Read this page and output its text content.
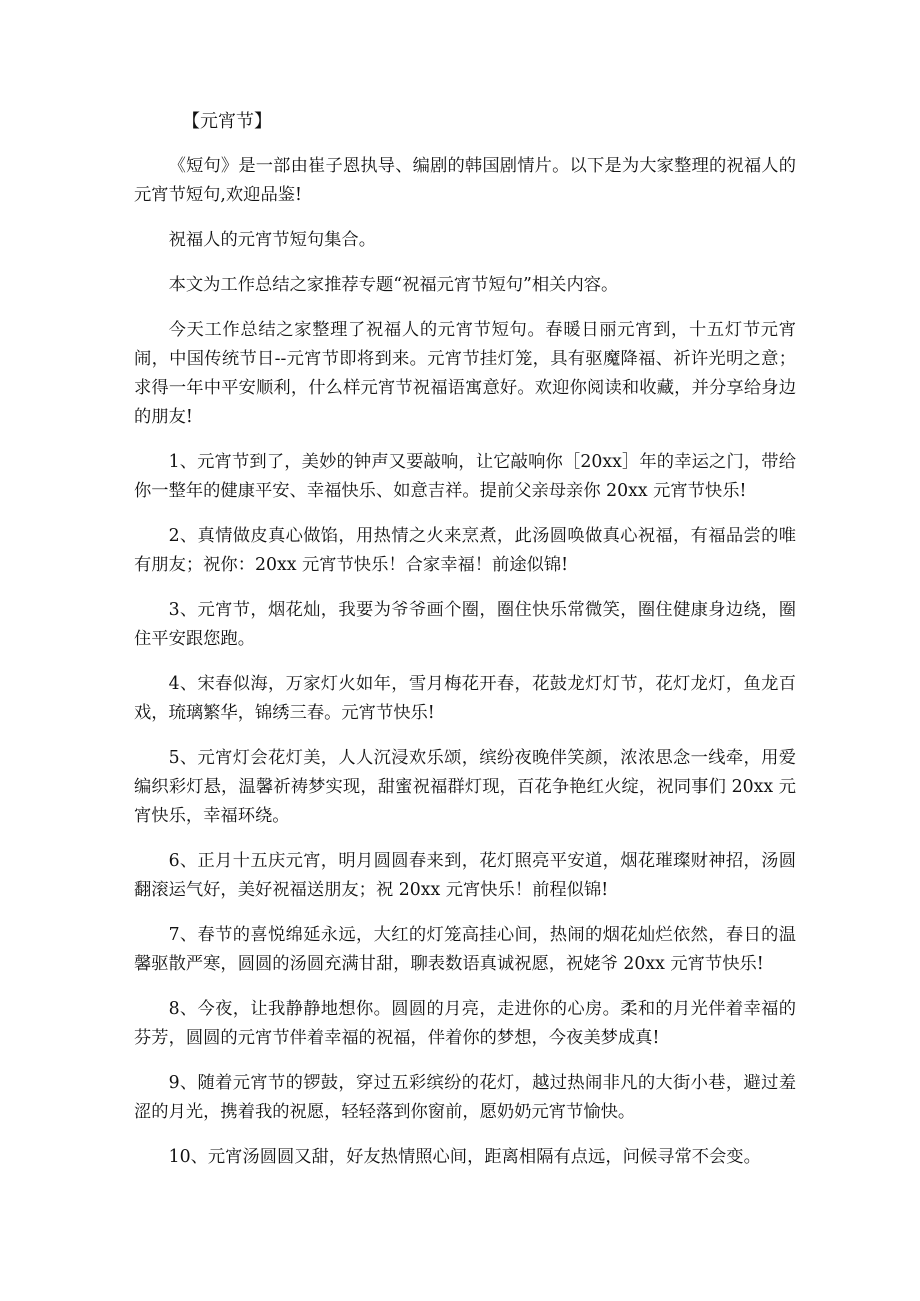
【元宵节】

《短句》是一部由崔子恩执导、编剧的韩国剧情片。以下是为大家整理的祝福人的元宵节短句,欢迎品鉴!

祝福人的元宵节短句集合。

本文为工作总结之家推荐专题“祝福元宵节短句”相关内容。

今天工作总结之家整理了祝福人的元宵节短句。春暖日丽元宵到，十五灯节元宵闹，中国传统节日--元宵节即将到来。元宵节挂灯笼，具有驱魔降福、祈许光明之意；求得一年中平安顺利，什么样元宵节祝福语寓意好。欢迎你阅读和收藏，并分享给身边的朋友!

1、元宵节到了，美妙的钟声又要敲响，让它敲响你［20xx］年的幸运之门，带给你一整年的健康平安、幸福快乐、如意吉祥。提前父亲母亲你 20xx 元宵节快乐!

2、真情做皮真心做馅，用热情之火来烹煮，此汤圆唤做真心祝福，有福品尝的唯有朋友；祝你：20xx 元宵节快乐！合家幸福！前途似锦!

3、元宵节，烟花灿，我要为爷爷画个圈，圈住快乐常微笑，圈住健康身边绕，圈住平安跟您跑。

4、宋春似海，万家灯火如年，雪月梅花开春，花鼓龙灯灯节，花灯龙灯，鱼龙百戏，琉璃繁华，锦绣三春。元宵节快乐!

5、元宵灯会花灯美，人人沉浸欢乐颂，缤纷夜晚伴笑颜，浓浓思念一线牵，用爱编织彩灯悬，温馨祈祷梦实现，甜蜜祝福群灯现，百花争艳红火绽，祝同事们 20xx 元宵快乐，幸福环绕。

6、正月十五庆元宵，明月圆圆春来到，花灯照亮平安道，烟花璀璨财神招，汤圆翻滚运气好，美好祝福送朋友；祝 20xx 元宵快乐！前程似锦!

7、春节的喜悦绵延永远，大红的灯笼高挂心间，热闹的烟花灿烂依然，春日的温馨驱散严寒，圆圆的汤圆充满甘甜，聊表数语真诚祝愿，祝姥爷 20xx 元宵节快乐!

8、今夜，让我静静地想你。圆圆的月亮，走进你的心房。柔和的月光伴着幸福的芬芳，圆圆的元宵节伴着幸福的祝福，伴着你的梦想，今夜美梦成真!

9、随着元宵节的锣鼓，穿过五彩缤纷的花灯，越过热闹非凡的大街小巷，避过羞涩的月光，携着我的祝愿，轻轻落到你窗前，愿奶奶元宵节愉快。

10、元宵汤圆圆又甜，好友热情照心间，距离相隔有点远，问候寻常不会变。
